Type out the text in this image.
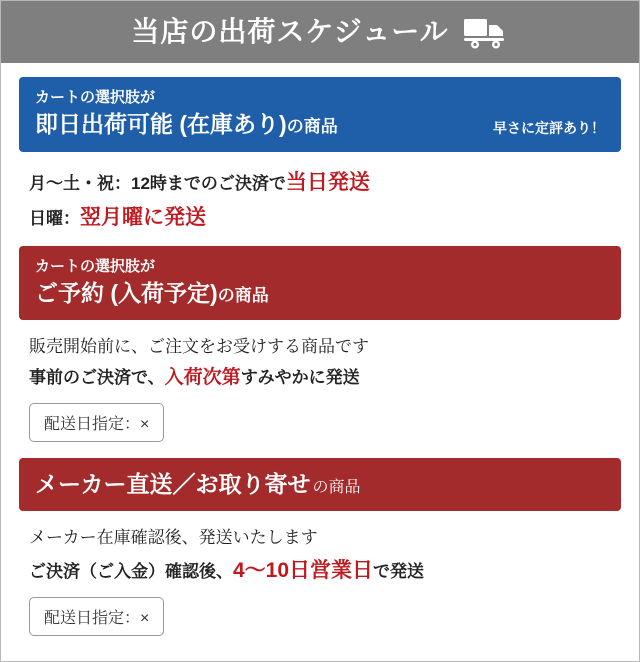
当店の出荷スケジュール
カートの選択肢が
即日出荷可能 (在庫あり)の商品	早さに定評あり！
月〜土・祝：12時までのご決済で当日発送
日曜：翌月曜に発送
カートの選択肢が
ご予約 (入荷予定)の商品
販売開始前に、ご注文をお受けする商品です
事前のご決済で、入荷次第すみやかに発送
配送日指定：×
メーカー直送／お取り寄せ の商品
メーカー在庫確認後、発送いたします
ご決済（ご入金）確認後、4〜10日営業日で発送
配送日指定：×
